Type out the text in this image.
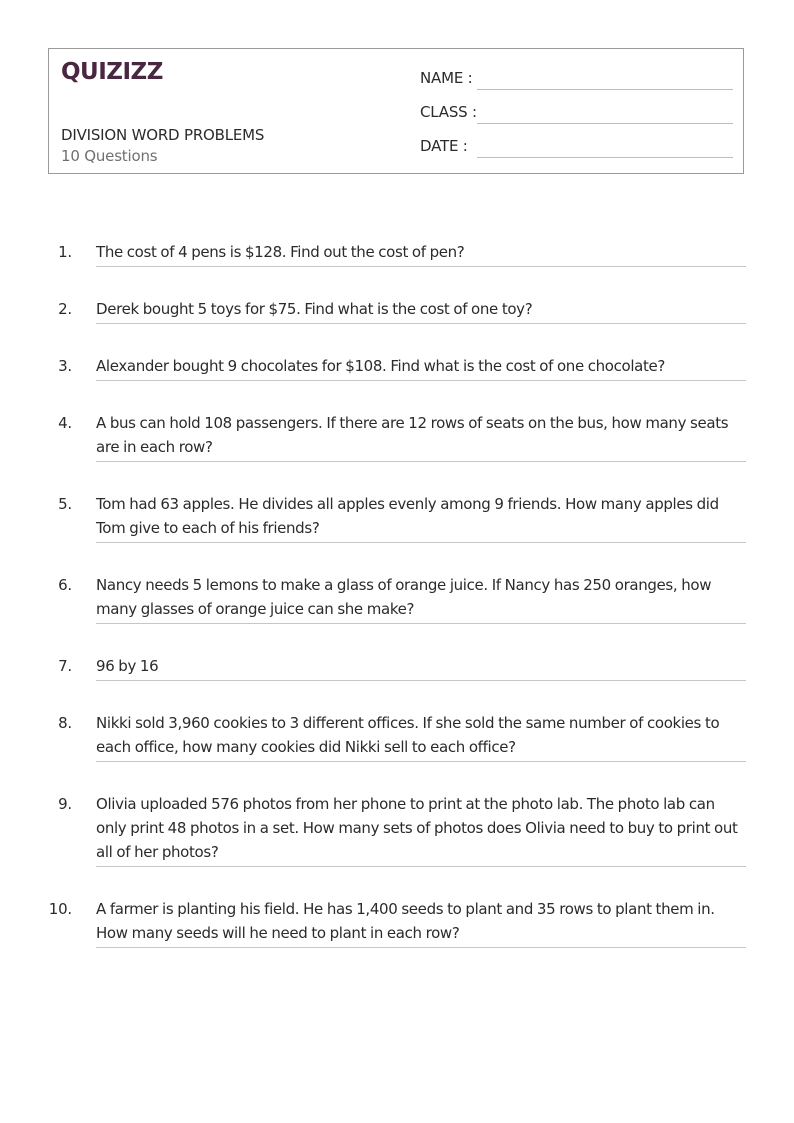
QUIZIZZ
DIVISION WORD PROBLEMS
10 Questions
NAME :
CLASS :
DATE :
1. The cost of 4 pens is $128. Find out the cost of pen?
2. Derek bought 5 toys for $75. Find what is the cost of one toy?
3. Alexander bought 9 chocolates for $108. Find what is the cost of one chocolate?
4. A bus can hold 108 passengers. If there are 12 rows of seats on the bus, how many seats are in each row?
5. Tom had 63 apples. He divides all apples evenly among 9 friends. How many apples did Tom give to each of his friends?
6. Nancy needs 5 lemons to make a glass of orange juice. If Nancy has 250 oranges, how many glasses of orange juice can she make?
7. 96 by 16
8. Nikki sold 3,960 cookies to 3 different offices. If she sold the same number of cookies to each office, how many cookies did Nikki sell to each office?
9. Olivia uploaded 576 photos from her phone to print at the photo lab. The photo lab can only print 48 photos in a set. How many sets of photos does Olivia need to buy to print out all of her photos?
10. A farmer is planting his field. He has 1,400 seeds to plant and 35 rows to plant them in. How many seeds will he need to plant in each row?
